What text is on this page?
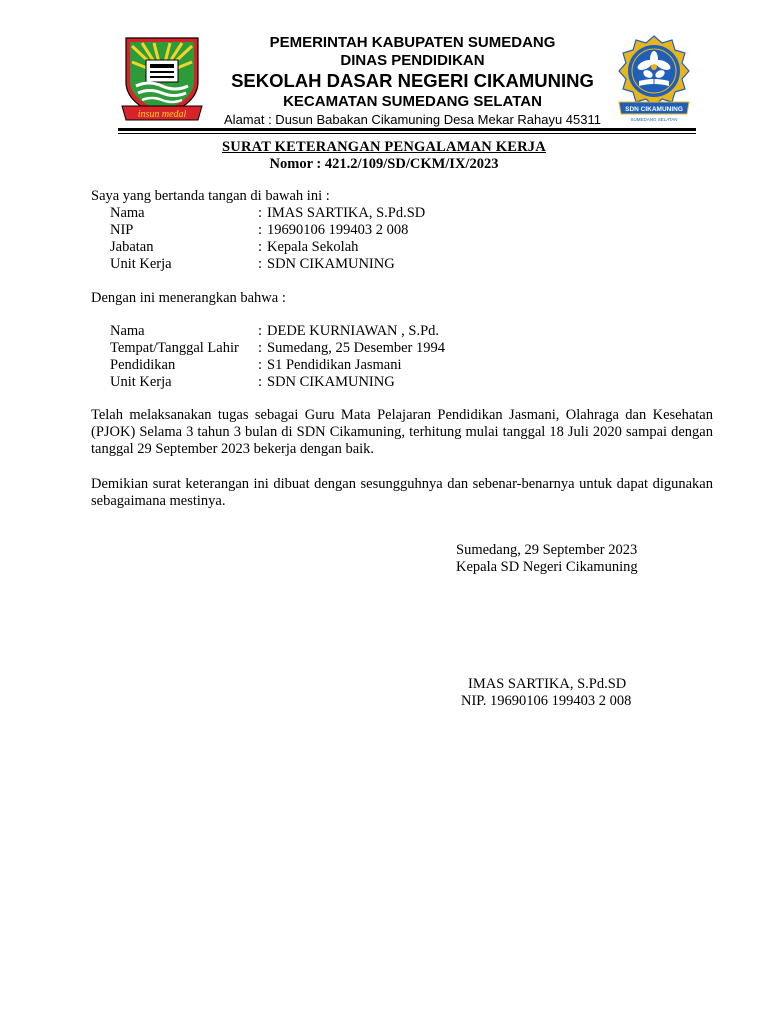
insun medal
PEMERINTAH KABUPATEN SUMEDANG
DINAS PENDIDIKAN
SEKOLAH DASAR NEGERI CIKAMUNING
KECAMATAN SUMEDANG SELATAN
Alamat : Dusun Babakan Cikamuning Desa Mekar Rahayu 45311
SDN CIKAMUNING
SUMEDANG SELATAN
SURAT KETERANGAN PENGALAMAN KERJA
Nomor : 421.2/109/SD/CKM/IX/2023
Saya yang bertanda tangan di bawah ini :
Nama	: IMAS SARTIKA, S.Pd.SD
NIP	: 19690106 199403 2 008
Jabatan	: Kepala Sekolah
Unit Kerja	: SDN CIKAMUNING
Dengan ini menerangkan bahwa :
Nama	: DEDE KURNIAWAN , S.Pd.
Tempat/Tanggal Lahir : Sumedang, 25 Desember 1994
Pendidikan	: S1 Pendidikan Jasmani
Unit Kerja	: SDN CIKAMUNING
Telah melaksanakan tugas sebagai Guru Mata Pelajaran Pendidikan Jasmani, Olahraga dan Kesehatan (PJOK) Selama 3 tahun 3 bulan di SDN Cikamuning, terhitung mulai tanggal 18 Juli 2020 sampai dengan tanggal 29 September 2023 bekerja dengan baik.
Demikian surat keterangan ini dibuat dengan sesungguhnya dan sebenar-benarnya untuk dapat digunakan sebagaimana mestinya.
Sumedang, 29 September 2023
Kepala SD Negeri Cikamuning
IMAS SARTIKA, S.Pd.SD
NIP. 19690106 199403 2 008
